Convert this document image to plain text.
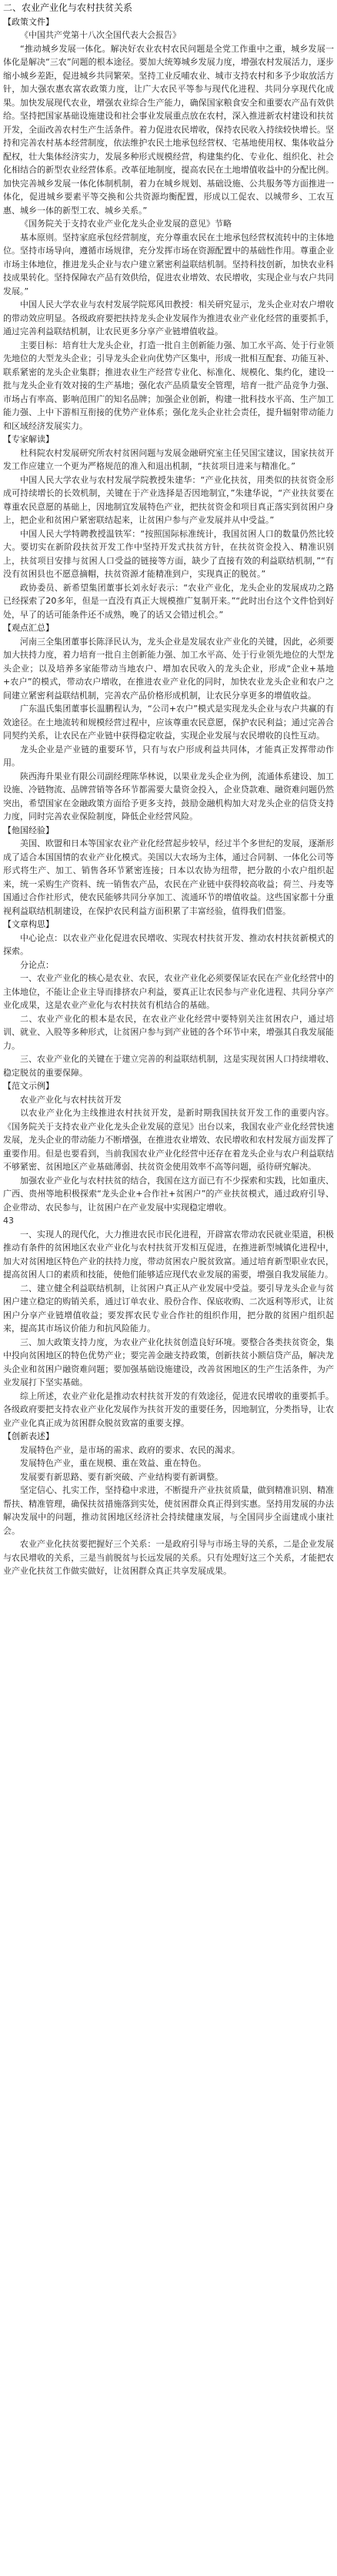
二、农业产业化与农村扶贫关系

【政策文件】

《中国共产党第十八次全国代表大会报告》

“推动城乡发展一体化。解决好农业农村农民问题是全党工作重中之重，城乡发展一体化是解决“三农”问题的根本途径。要加大统筹城乡发展力度，增强农村发展活力，逐步缩小城乡差距，促进城乡共同繁荣。坚持工业反哺农业、城市支持农村和多予少取放活方针，加大强农惠农富农政策力度，让广大农民平等参与现代化进程、共同分享现代化成果。加快发展现代农业，增强农业综合生产能力，确保国家粮食安全和重要农产品有效供给。坚持把国家基础设施建设和社会事业发展重点放在农村，深入推进新农村建设和扶贫开发，全面改善农村生产生活条件。着力促进农民增收，保持农民收入持续较快增长。坚持和完善农村基本经营制度，依法维护农民土地承包经营权、宅基地使用权、集体收益分配权，壮大集体经济实力，发展多种形式规模经营，构建集约化、专业化、组织化、社会化相结合的新型农业经营体系。改革征地制度，提高农民在土地增值收益中的分配比例。加快完善城乡发展一体化体制机制，着力在城乡规划、基础设施、公共服务等方面推进一体化，促进城乡要素平等交换和公共资源均衡配置，形成以工促农、以城带乡、工农互惠、城乡一体的新型工农、城乡关系。”

《国务院关于支持农业产业化龙头企业发展的意见》节略

基本原则。坚持家庭承包经营制度，充分尊重农民在土地承包经营权流转中的主体地位。坚持市场导向，遵循市场规律，充分发挥市场在资源配置中的基础性作用。尊重企业市场主体地位，推进龙头企业与农户建立紧密利益联结机制。坚持科技创新，加快农业科技成果转化。坚持保障农产品有效供给，促进农业增效、农民增收，实现企业与农户共同发展。”

中国人民大学农业与农村发展学院郑风田教授：相关研究显示，龙头企业对农户增收的带动效应明显。各级政府要把扶持龙头企业发展作为推进农业产业化经营的重要抓手，通过完善利益联结机制，让农民更多分享产业链增值收益。

主要目标：培育壮大龙头企业，打造一批自主创新能力强、加工水平高、处于行业领先地位的大型龙头企业；引导龙头企业向优势产区集中，形成一批相互配套、功能互补、联系紧密的龙头企业集群；推进农业生产经营专业化、标准化、规模化、集约化，建设一批与龙头企业有效对接的生产基地；强化农产品质量安全管理，培育一批产品竞争力强、市场占有率高、影响范围广的知名品牌；加强企业创新，构建一批科技水平高、生产加工能力强、上中下游相互衔接的优势产业体系；强化龙头企业社会责任，提升辐射带动能力和区域经济发展实力。

【专家解读】

杜科院农村发展研究所农村贫困问题与发展金融研究室主任吴国宝建议，国家扶贫开发工作应建立一个更为严格规范的准入和退出机制，“扶贫项目进来与精准化。”

中国人民大学农业与农村发展学院教授朱建华：“产业化扶贫，用类似的扶贫资金形成可持续增长的长效机制，关键在于产业选择是否因地制宜，”朱建华说，“产业扶贫要在尊重农民意愿的基础上，因地制宜发展特色产业，把扶贫资金和项目真正落实到贫困户身上，把企业和贫困户紧密联结起来，让贫困户参与产业发展并从中受益。”

中国人民大学特聘教授温铁军：“按照国际标准统计，我国贫困人口的数量仍然比较大。要切实在新阶段扶贫开发工作中坚持开发式扶贫方针，在扶贫资金投入、精准识别上，扶贫项目安排与贫困人口受益的链接等方面，缺少了直接有效的利益联结机制，”“有没有贫困县也不愿意摘帽，扶贫资源才能精准到户，实现真正的脱贫。”

政协委员、新希望集团董事长刘永好表示：“农业产业化，龙头企业的发展成功之路已经探索了20多年，但是一直没有真正大规模推广复制开来。”“此时出台这个文件恰到好处，早了的话可能条件还不成熟，晚了的话又会错过机会。”

【观点汇总】

河南三全集团董事长陈泽民认为，龙头企业是发展农业产业化的关键，因此，必须要加大扶持力度，着力培育一批自主创新能力强、加工水平高、处于行业领先地位的大型龙头企业；以及培养多家能带动当地农户、增加农民收入的龙头企业，形成“企业+基地+农户”的模式，带动农户增收，在推进农业产业化的同时，加快农业龙头企业和农户之间建立紧密利益联结机制，完善农产品价格形成机制，让农民分享更多的增值收益。

广东温氏集团董事长温鹏程认为，“公司+农户”模式是实现龙头企业与农户共赢的有效途径。在土地流转和规模经营过程中，应该尊重农民意愿，保护农民利益；通过完善合同契约关系，让农民在产业链中获得稳定收益，实现企业发展与农民增收的良性互动。

龙头企业是产业链的重要环节，只有与农户形成利益共同体，才能真正发挥带动作用。

陕西海升果业有限公司副经理陈华林说，以果业龙头企业为例，流通体系建设、加工设施、冷链物流、品牌营销等各环节都需要大量资金投入，企业贷款难、融资难问题仍然突出，希望国家在金融政策方面给予更多支持，鼓励金融机构加大对龙头企业的信贷支持力度，同时完善农业保险制度，降低企业经营风险。

【他国经验】

美国、欧盟和日本等国家农业产业化经营起步较早，经过半个多世纪的发展，逐渐形成了适合本国国情的农业产业化模式。美国以大农场为主体，通过合同制、一体化公司等形式将生产、加工、销售各环节紧密连接；日本以农协为纽带，把分散的小农户组织起来，统一采购生产资料、统一销售农产品，农民在产业链中获得较高收益；荷兰、丹麦等国通过合作社形式，使农民能够共同分享加工、流通环节的增值收益。这些国家都十分重视利益联结机制建设，在保护农民利益方面积累了丰富经验，值得我们借鉴。

【文章构思】

中心论点：以农业产业化促进农民增收、实现农村扶贫开发、推动农村扶贫新模式的探索。

分论点：

一、农业产业化的核心是农业、农民，农业产业化必须要保证农民在产业化经营中的主体地位，不能让企业主导而排挤农户利益，要真正让农民参与产业化进程、共同分享产业化成果，这是农业产业化与农村扶贫有机结合的基础。

二、农业产业化的根本是农民，在农业产业化经营中要特别关注贫困农户，通过培训、就业、入股等多种形式，让贫困户参与到产业链的各个环节中来，增强其自我发展能力。

三、农业产业化的关键在于建立完善的利益联结机制，这是实现贫困人口持续增收、稳定脱贫的重要保障。

【范文示例】

农业产业化与农村扶贫开发

以农业产业化为主线推进农村扶贫开发，是新时期我国扶贫开发工作的重要内容。《国务院关于支持农业产业化龙头企业发展的意见》出台以来，我国农业产业化经营快速发展，龙头企业的带动能力不断增强，在推进农业增效、农民增收和农村发展方面发挥了重要作用。但是也要看到，当前我国农业产业化经营中还存在着龙头企业与农户利益联结不够紧密、贫困地区产业基础薄弱、扶贫资金使用效率不高等问题，亟待研究解决。

加强农业产业化与农村扶贫的结合，我国在这方面已有不少探索和实践，比如重庆、广西、贵州等地积极探索“龙头企业+合作社+贫困户”的产业扶贫模式，通过政府引导、企业带动、农民参与，让贫困户在产业发展中实现稳定增收。

43

一、实现人的现代化，大力推进农民市民化进程，开辟富农带动农民就业渠道，积极推动有条件的贫困地区农业产业化与农村扶贫开发相互促进，在推进新型城镇化进程中，加大对贫困地区特色产业的扶持力度，带动贫困农户脱贫致富。通过培育新型职业农民，提高贫困人口的素质和技能，使他们能够适应现代农业发展的需要，增强自我发展能力。

二、建立健全利益联结机制，让贫困户真正从产业发展中受益。要引导龙头企业与贫困户建立稳定的购销关系，通过订单农业、股份合作、保底收购、二次返利等形式，让贫困户分享产业链增值收益；要发挥农民专业合作社的组织作用，把分散的贫困户组织起来，提高其市场议价能力和抗风险能力。

三、加大政策支持力度，为农业产业化扶贫创造良好环境。要整合各类扶贫资金，集中投向贫困地区的特色优势产业；要完善金融支持政策，创新扶贫小额信贷产品，解决龙头企业和贫困户融资难问题；要加强基础设施建设，改善贫困地区的生产生活条件，为产业发展打下坚实基础。

综上所述，农业产业化是推动农村扶贫开发的有效途径，促进农民增收的重要抓手。各级政府要把支持农业产业化发展作为扶贫开发的重要任务，因地制宜，分类指导，让农业产业化真正成为贫困群众脱贫致富的重要支撑。

【创新表述】

发展特色产业，是市场的需求、政府的要求、农民的渴求。

发展特色产业，重在规模、重在效益、重在特色。

发展要有新思路、要有新突破、产业结构要有新调整。

坚定信心、扎实工作，坚持稳中求进，不断提升产业扶贫质量，做到精准识别、精准帮扶、精准管理，确保扶贫措施落到实处，使贫困群众真正得到实惠。坚持用发展的办法解决发展中的问题，推动贫困地区经济社会持续健康发展，与全国同步全面建成小康社会。

农业产业化扶贫要把握好三个关系：一是政府引导与市场主导的关系，二是企业发展与农民增收的关系，三是当前脱贫与长远发展的关系。只有处理好这三个关系，才能把农业产业化扶贫工作做实做好，让贫困群众真正共享发展成果。
